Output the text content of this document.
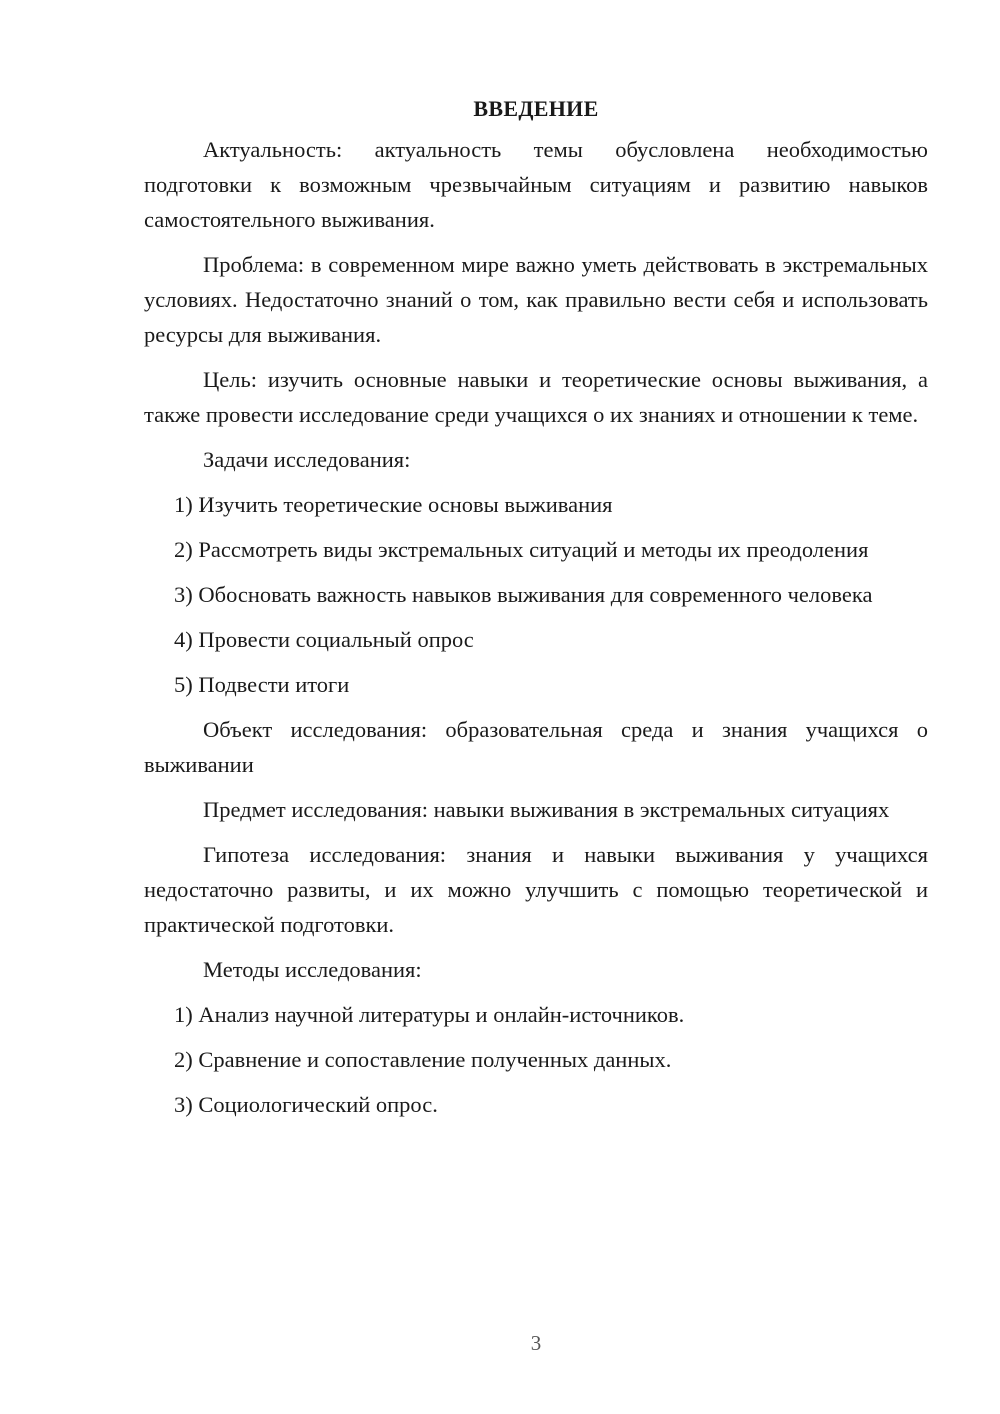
ВВЕДЕНИЕ

Актуальность: актуальность темы обусловлена необходимостью подготовки к возможным чрезвычайным ситуациям и развитию навыков самостоятельного выживания.

Проблема: в современном мире важно уметь действовать в экстремальных условиях. Недостаточно знаний о том, как правильно вести себя и использовать ресурсы для выживания.

Цель: изучить основные навыки и теоретические основы выживания, а также провести исследование среди учащихся о их знаниях и отношении к теме.

Задачи исследования:

1) Изучить теоретические основы выживания

2) Рассмотреть виды экстремальных ситуаций и методы их преодоления

3) Обосновать важность навыков выживания для современного человека

4) Провести социальный опрос

5) Подвести итоги

Объект исследования: образовательная среда и знания учащихся о выживании

Предмет исследования: навыки выживания в экстремальных ситуациях

Гипотеза исследования: знания и навыки выживания у учащихся недостаточно развиты, и их можно улучшить с помощью теоретической и практической подготовки.

Методы исследования:

1) Анализ научной литературы и онлайн-источников.

2) Сравнение и сопоставление полученных данных.

3) Социологический опрос.

3
